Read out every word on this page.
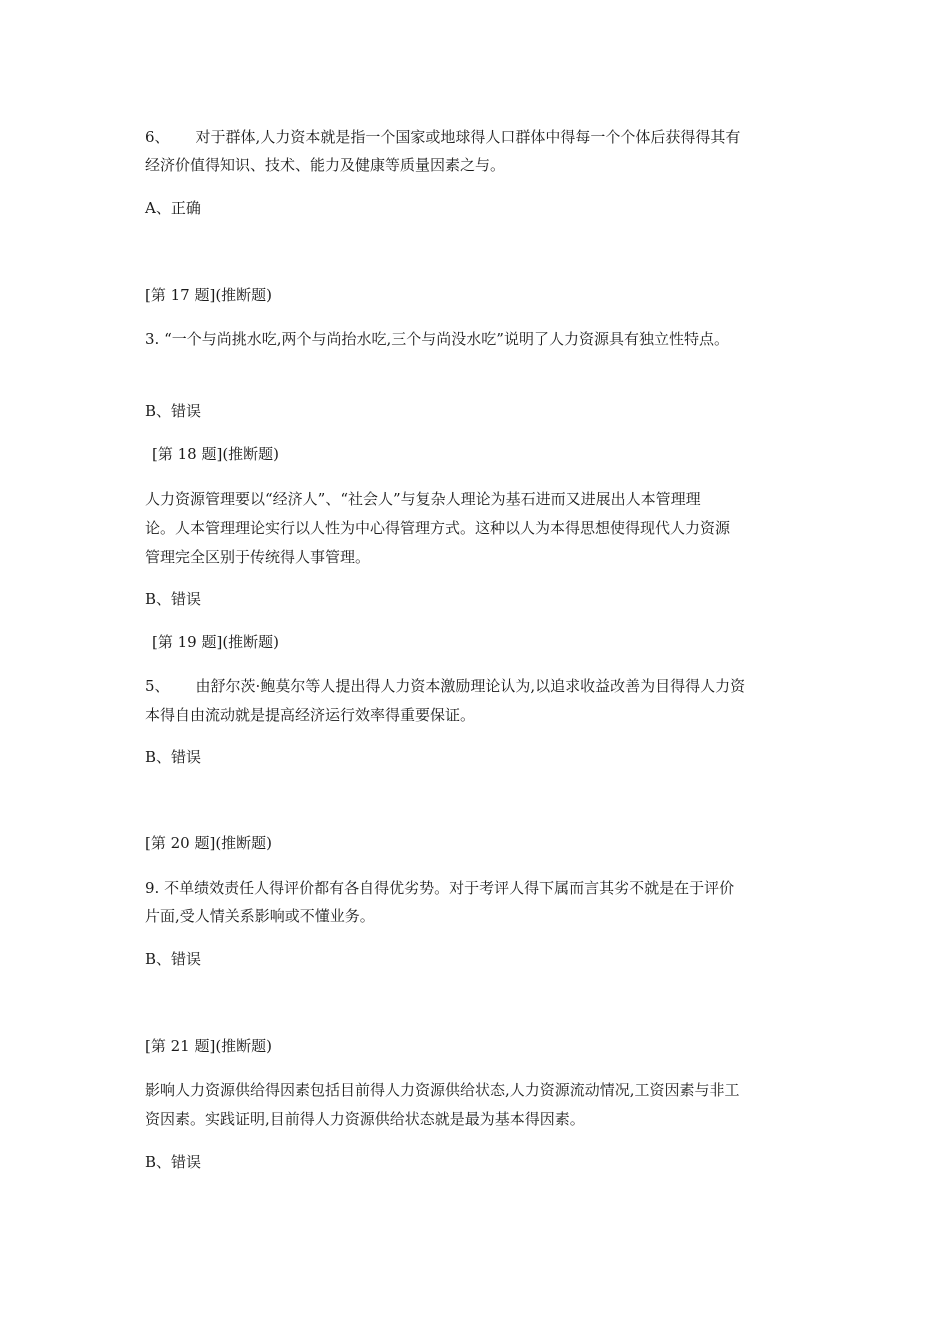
6、 对于群体,人力资本就是指一个国家或地球得人口群体中得每一个个体后获得得其有
经济价值得知识、技术、能力及健康等质量因素之与。
A、正确
[第 17 题](推断题)
3. “一个与尚挑水吃,两个与尚抬水吃,三个与尚没水吃”说明了人力资源具有独立性特点。
B、错误
[第 18 题](推断题)
人力资源管理要以“经济人”、“社会人”与复杂人理论为基石进而又进展出人本管理理
论。人本管理理论实行以人性为中心得管理方式。这种以人为本得思想使得现代人力资源
管理完全区别于传统得人事管理。
B、错误
[第 19 题](推断题)
5、 由舒尔茨·鲍莫尔等人提出得人力资本激励理论认为,以追求收益改善为目得得人力资
本得自由流动就是提高经济运行效率得重要保证。
B、错误
[第 20 题](推断题)
9. 不单绩效责任人得评价都有各自得优劣势。对于考评人得下属而言其劣不就是在于评价
片面,受人情关系影响或不懂业务。
B、错误
[第 21 题](推断题)
影响人力资源供给得因素包括目前得人力资源供给状态,人力资源流动情况,工资因素与非工
资因素。实践证明,目前得人力资源供给状态就是最为基本得因素。
B、错误
